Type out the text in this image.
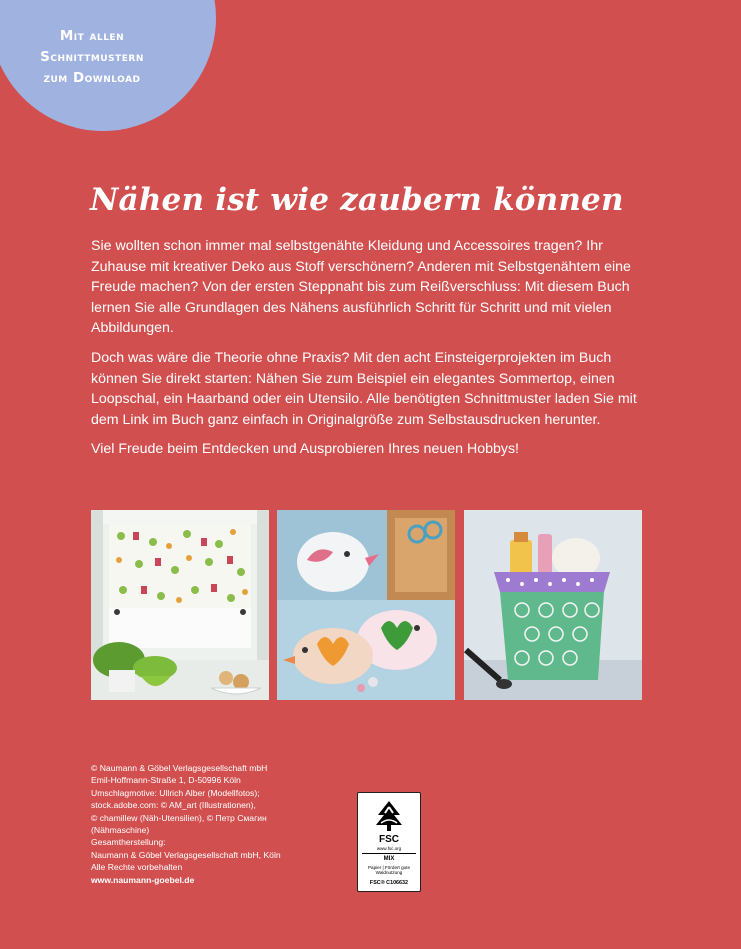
Mit allen
Schnittmustern
zum Download
Nähen ist wie zaubern können

Sie wollten schon immer mal selbstgenähte Kleidung und Accessoires tragen? Ihr Zuhause mit kreativer Deko aus Stoff verschönern? Anderen mit Selbstgenähtem eine Freude machen? Von der ersten Steppnaht bis zum Reißverschluss: Mit diesem Buch lernen Sie alle Grundlagen des Nähens ausführlich Schritt für Schritt und mit vielen Abbildungen.

Doch was wäre die Theorie ohne Praxis? Mit den acht Einsteigerprojekten im Buch können Sie direkt starten: Nähen Sie zum Beispiel ein elegantes Sommertop, einen Loopschal, ein Haarband oder ein Utensilo. Alle benötigten Schnittmuster laden Sie mit dem Link im Buch ganz einfach in Originalgröße zum Selbstausdrucken herunter.

Viel Freude beim Entdecken und Ausprobieren Ihres neuen Hobbys!

© Naumann & Göbel Verlagsgesellschaft mbH
Emil-Hoffmann-Straße 1, D-50996 Köln
Umschlagmotive: Ullrich Alber (Modellfotos);
stock.adobe.com: © AM_art (Illustrationen),
© chamillew (Näh-Utensilien), © Петр Смагин
(Nähmaschine)
Gesamtherstellung:
Naumann & Göbel Verlagsgesellschaft mbH, Köln
Alle Rechte vorbehalten
www.naumann-goebel.de
FSC
www.fsc.org
MIX
Papier | Fördert gute Waldnutzung
FSC® C106632
